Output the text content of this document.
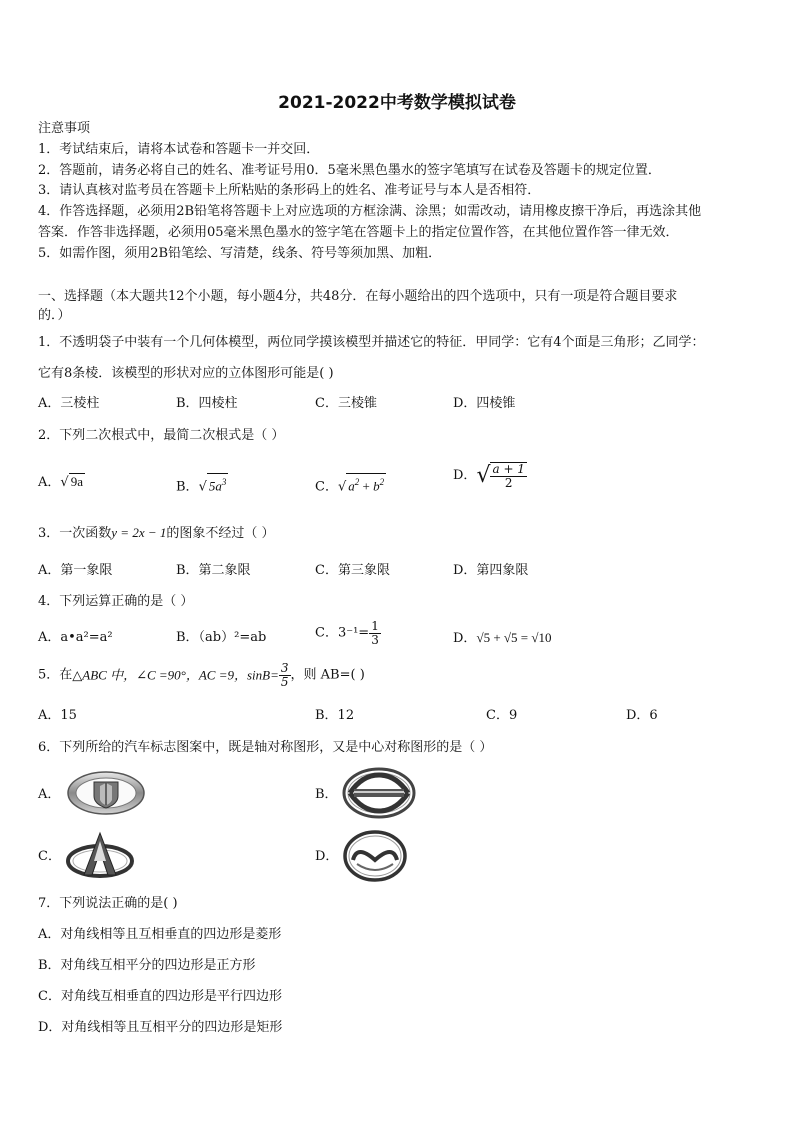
2021-2022中考数学模拟试卷
注意事项
1．考试结束后，请将本试卷和答题卡一并交回．
2．答题前，请务必将自己的姓名、准考证号用0．5毫米黑色墨水的签字笔填写在试卷及答题卡的规定位置．
3．请认真核对监考员在答题卡上所粘贴的条形码上的姓名、准考证号与本人是否相符．
4．作答选择题，必须用2B铅笔将答题卡上对应选项的方框涂满、涂黑；如需改动，请用橡皮擦干净后，再选涂其他
答案．作答非选择题，必须用05毫米黑色墨水的签字笔在答题卡上的指定位置作答，在其他位置作答一律无效．
5．如需作图，须用2B铅笔绘、写清楚，线条、符号等须加黑、加粗．
一、选择题（本大题共12个小题，每小题4分，共48分．在每小题给出的四个选项中，只有一项是符合题目要求
的．）
1．不透明袋子中装有一个几何体模型，两位同学摸该模型并描述它的特征．甲同学：它有4个面是三角形；乙同学：
它有8条棱．该模型的形状对应的立体图形可能是( )
A．三棱柱	B．四棱柱	C．三棱锥	D．四棱锥
2．下列二次根式中，最简二次根式是（ ）
A．√ 9a	B．√ $5a^3$	C．√ $a^2 + b^2$	D．√ $\frac{a + 1}{2}$
3．一次函数y = 2x − 1的图象不经过（ ）
A．第一象限	B．第二象限	C．第三象限	D．第四象限
4．下列运算正确的是（ ）
A．a•a²=a²	B．（ab）²=ab	C．$3^{-1}= \frac{1}{3}$	D．√5 + √5 = √10
5．在△ABC 中，∠C =90°，AC =9，$\sin B= \frac{3}{5}$ ，则 AB=( )
A．15	B．12	C．9	D．6
6．下列所给的汽车标志图案中，既是轴对称图形，又是中心对称图形的是（ ）
A．	B．
C．	D．
7．下列说法正确的是( )
A．对角线相等且互相垂直的四边形是菱形
B．对角线互相平分的四边形是正方形
C．对角线互相垂直的四边形是平行四边形
D．对角线相等且互相平分的四边形是矩形
